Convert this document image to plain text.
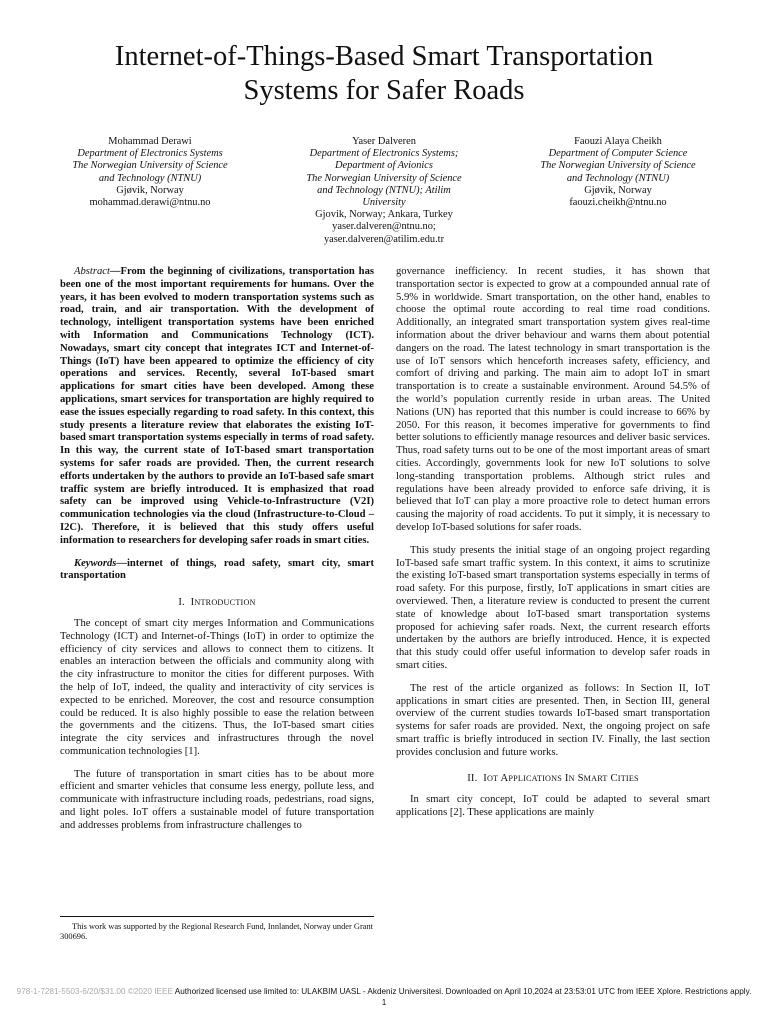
Internet-of-Things-Based Smart Transportation
Systems for Safer Roads
Mohammad Derawi
Department of Electronics Systems
The Norwegian University of Science
and Technology (NTNU)
Gjøvik, Norway
mohammad.derawi@ntnu.no
Yaser Dalveren
Department of Electronics Systems;
Department of Avionics
The Norwegian University of Science
and Technology (NTNU); Atilim
University
Gjovik, Norway; Ankara, Turkey
yaser.dalveren@ntnu.no;
yaser.dalveren@atilim.edu.tr
Faouzi Alaya Cheikh
Department of Computer Science
The Norwegian University of Science
and Technology (NTNU)
Gjøvik, Norway
faouzi.cheikh@ntnu.no

Abstract—From the beginning of civilizations, transportation has been one of the most important requirements for humans. Over the years, it has been evolved to modern transportation systems such as road, train, and air transportation. With the development of technology, intelligent transportation systems have been enriched with Information and Communications Technology (ICT). Nowadays, smart city concept that integrates ICT and Internet-of-Things (IoT) have been appeared to optimize the efficiency of city operations and services. Recently, several IoT-based smart applications for smart cities have been developed. Among these applications, smart services for transportation are highly required to ease the issues especially regarding to road safety. In this context, this study presents a literature review that elaborates the existing IoT-based smart transportation systems especially in terms of road safety. In this way, the current state of IoT-based smart transportation systems for safer roads are provided. Then, the current research efforts undertaken by the authors to provide an IoT-based safe smart traffic system are briefly introduced. It is emphasized that road safety can be improved using Vehicle-to-Infrastructure (V2I) communication technologies via the cloud (Infrastructure-to-Cloud – I2C). Therefore, it is believed that this study offers useful information to researchers for developing safer roads in smart cities.

Keywords—internet of things, road safety, smart city, smart transportation

I. INTRODUCTION

The concept of smart city merges Information and Communications Technology (ICT) and Internet-of-Things (IoT) in order to optimize the efficiency of city services and allows to connect them to citizens. It enables an interaction between the officials and community along with the city infrastructure to monitor the cities for different purposes. With the help of IoT, indeed, the quality and interactivity of city services is expected to be enriched. Moreover, the cost and resource consumption could be reduced. It is also highly possible to ease the relation between the governments and the citizens. Thus, the IoT-based smart cities integrate the city services and infrastructures through the novel communication technologies [1].

The future of transportation in smart cities has to be about more efficient and smarter vehicles that consume less energy, pollute less, and communicate with infrastructure including roads, pedestrians, road signs, and light poles. IoT offers a sustainable model of future transportation and addresses problems from infrastructure challenges to

governance inefficiency. In recent studies, it has shown that transportation sector is expected to grow at a compounded annual rate of 5.9% in worldwide. Smart transportation, on the other hand, enables to choose the optimal route according to real time road conditions. Additionally, an integrated smart transportation system gives real-time information about the driver behaviour and warns them about potential dangers on the road. The latest technology in smart transportation is the use of IoT sensors which henceforth increases safety, efficiency, and comfort of driving and parking. The main aim to adopt IoT in smart transportation is to create a sustainable environment. Around 54.5% of the world’s population currently reside in urban areas. The United Nations (UN) has reported that this number is could increase to 66% by 2050. For this reason, it becomes imperative for governments to find better solutions to efficiently manage resources and deliver basic services. Thus, road safety turns out to be one of the most important areas of smart cities. Accordingly, governments look for new IoT solutions to solve long-standing transportation problems. Although strict rules and regulations have been already provided to enforce safe driving, it is believed that IoT can play a more proactive role to detect human errors causing the majority of road accidents. To put it simply, it is necessary to develop IoT-based solutions for safer roads.

This study presents the initial stage of an ongoing project regarding IoT-based safe smart traffic system. In this context, it aims to scrutinize the existing IoT-based smart transportation systems especially in terms of road safety. For this purpose, firstly, IoT applications in smart cities are overviewed. Then, a literature review is conducted to present the current state of knowledge about IoT-based smart transportation systems proposed for achieving safer roads. Next, the current research efforts undertaken by the authors are briefly introduced. Hence, it is expected that this study could offer useful information to develop safer roads in smart cities.

The rest of the article organized as follows: In Section II, IoT applications in smart cities are presented. Then, in Section III, general overview of the current studies towards IoT-based smart transportation systems for safer roads are provided. Next, the ongoing project on safe smart traffic is briefly introduced in section IV. Finally, the last section provides conclusion and future works.

II. IOT APPLICATIONS IN SMART CITIES

In smart city concept, IoT could be adapted to several smart applications [2]. These applications are mainly

This work was supported by the Regional Research Fund, Innlandet, Norway under Grant 300696.

978-1-7281-5503-6/20/$31.00 ©2020 IEEE Authorized licensed use limited to: ULAKBIM UASL - Akdeniz Universitesi. Downloaded on April 10,2024 at 23:53:01 UTC from IEEE Xplore. Restrictions apply.
1
